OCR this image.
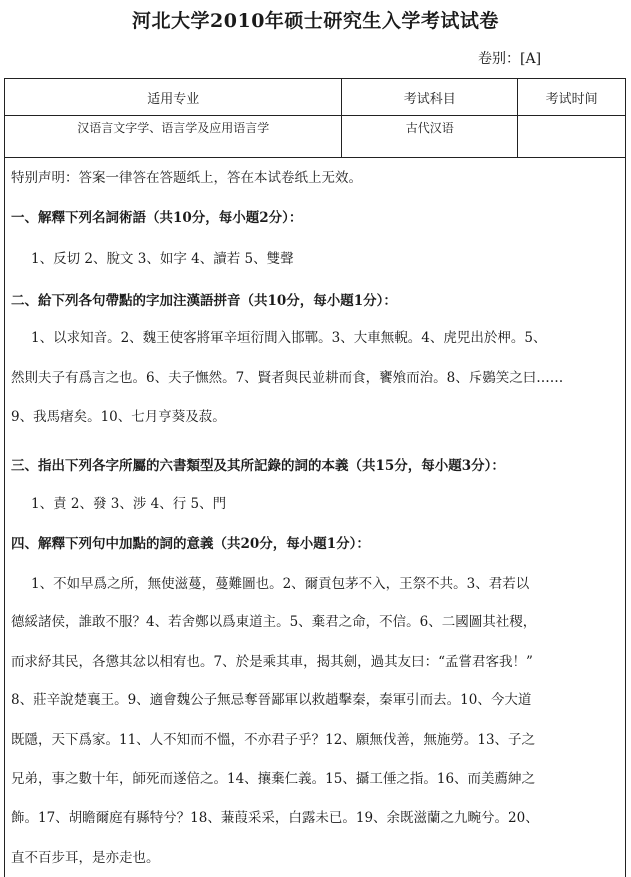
河北大学2010年硕士研究生入学考试试卷
卷别：[A]
适用专业	考试科目	考试时间
汉语言文字学、语言学及应用语言学	古代汉语	
特别声明：答案一律答在答题纸上，答在本试卷纸上无效。
一、解釋下列名詞術語（共10分，每小題2分）：
1、反切 2、脫文 3、如字 4、讀若 5、雙聲
二、給下列各句帶點的字加注漢語拼音（共10分，每小題1分）：
1、以求知音。2、魏王使客將軍辛垣衍間入邯鄲。3、大車無輗。4、虎兕出於柙。5、
然則夫子有爲言之也。6、夫子憮然。7、賢者與民並耕而食，饔飧而治。8、斥鷃笑之曰……
9、我馬瘏矣。10、七月亨葵及菽。
三、指出下列各字所屬的六書類型及其所記錄的詞的本義（共15分，每小題3分）：
1、責 2、發 3、涉 4、行 5、門
四、解釋下列句中加點的詞的意義（共20分，每小題1分）：
1、不如早爲之所，無使滋蔓，蔓難圖也。2、爾貢包茅不入，王祭不共。3、君若以
德綏諸侯，誰敢不服？4、若舍鄭以爲東道主。5、棄君之命，不信。6、二國圖其社稷，
而求紓其民，各懲其忿以相宥也。7、於是乘其車，揭其劍，過其友曰：“孟嘗君客我！”
8、莊辛說楚襄王。9、適會魏公子無忌奪晉鄙軍以救趙擊秦，秦軍引而去。10、今大道
既隱，天下爲家。11、人不知而不慍，不亦君子乎？12、願無伐善，無施勞。13、子之
兄弟，事之數十年，師死而遂倍之。14、攘棄仁義。15、攝工倕之指。16、而美薦紳之
飾。17、胡瞻爾庭有縣特兮？18、蒹葭采采，白露未已。19、余既滋蘭之九畹兮。20、
直不百步耳，是亦走也。
